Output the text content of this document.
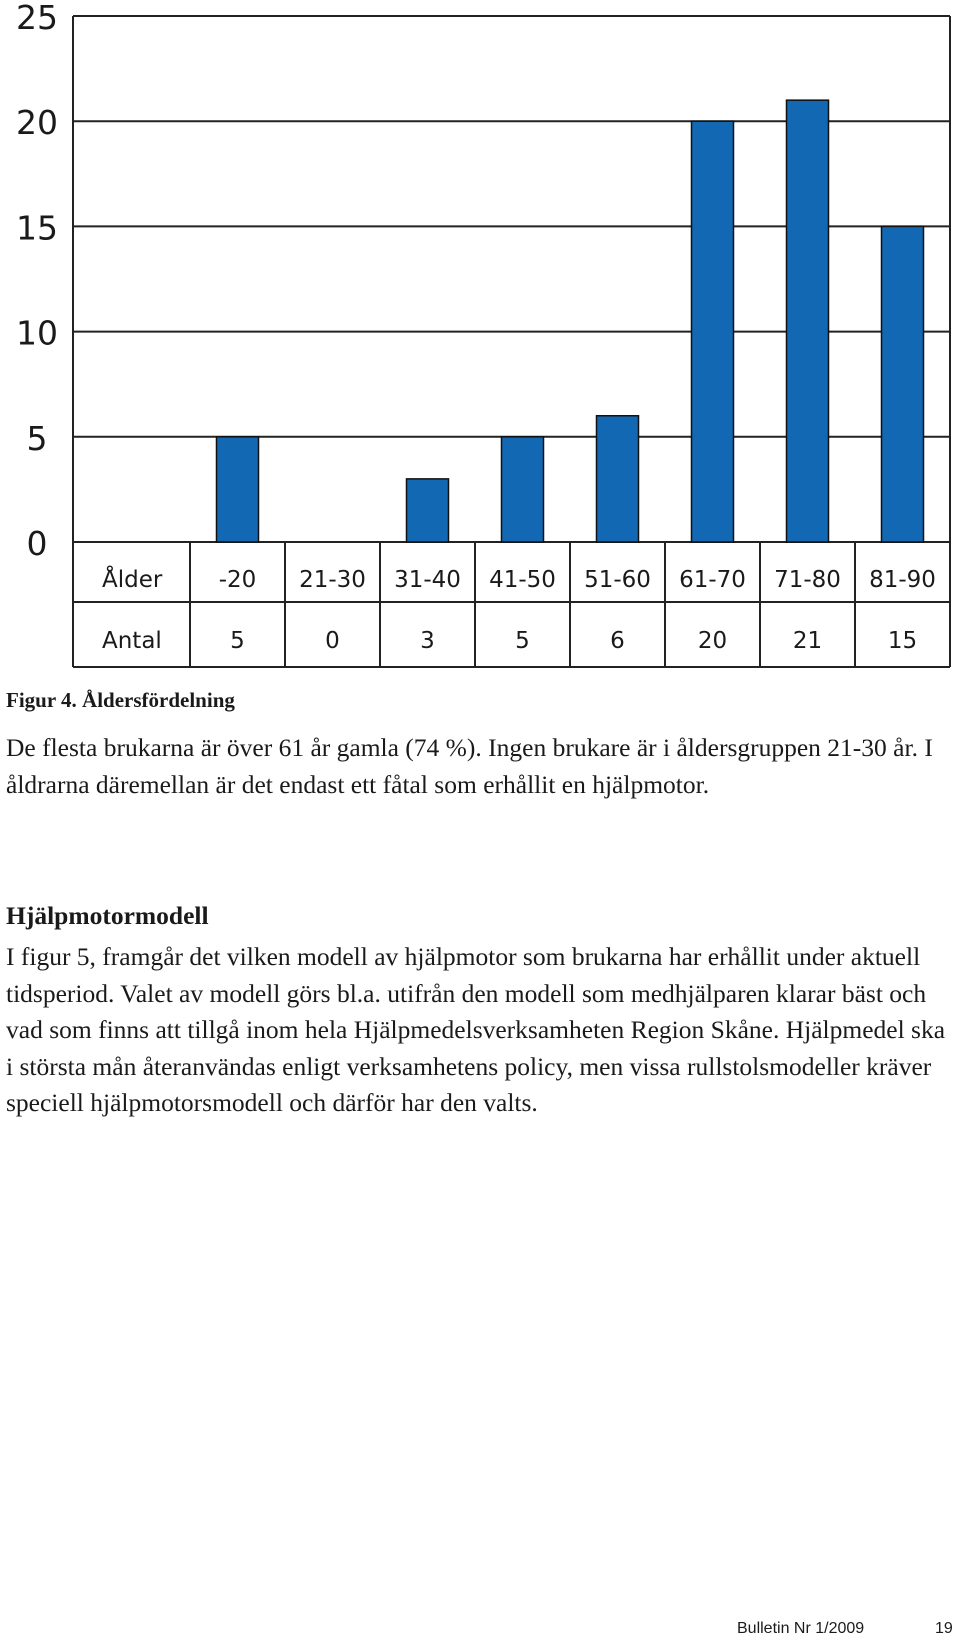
0
5
10
15
20
25
Ålder -20 21-30 31-40 41-50 51-60 61-70 71-80 81-90
Antal	5	0	3	5	6	20	21	15
Figur 4. Åldersfördelning

De flesta brukarna är över 61 år gamla (74 %). Ingen brukare är i åldersgruppen 21-30 år. I åldrarna däremellan är det endast ett fåtal som erhållit en hjälpmotor.

Hjälpmotormodell

I figur 5, framgår det vilken modell av hjälpmotor som brukarna har erhållit under aktuell tidsperiod. Valet av modell görs bl.a. utifrån den modell som medhjälparen klarar bäst och vad som finns att tillgå inom hela Hjälpmedelsverksamheten Region Skåne. Hjälpmedel ska i största mån återanvändas enligt verksamhetens policy, men vissa rullstolsmodeller kräver speciell hjälpmotorsmodell och därför har den valts.

Bulletin Nr 1/2009	19
